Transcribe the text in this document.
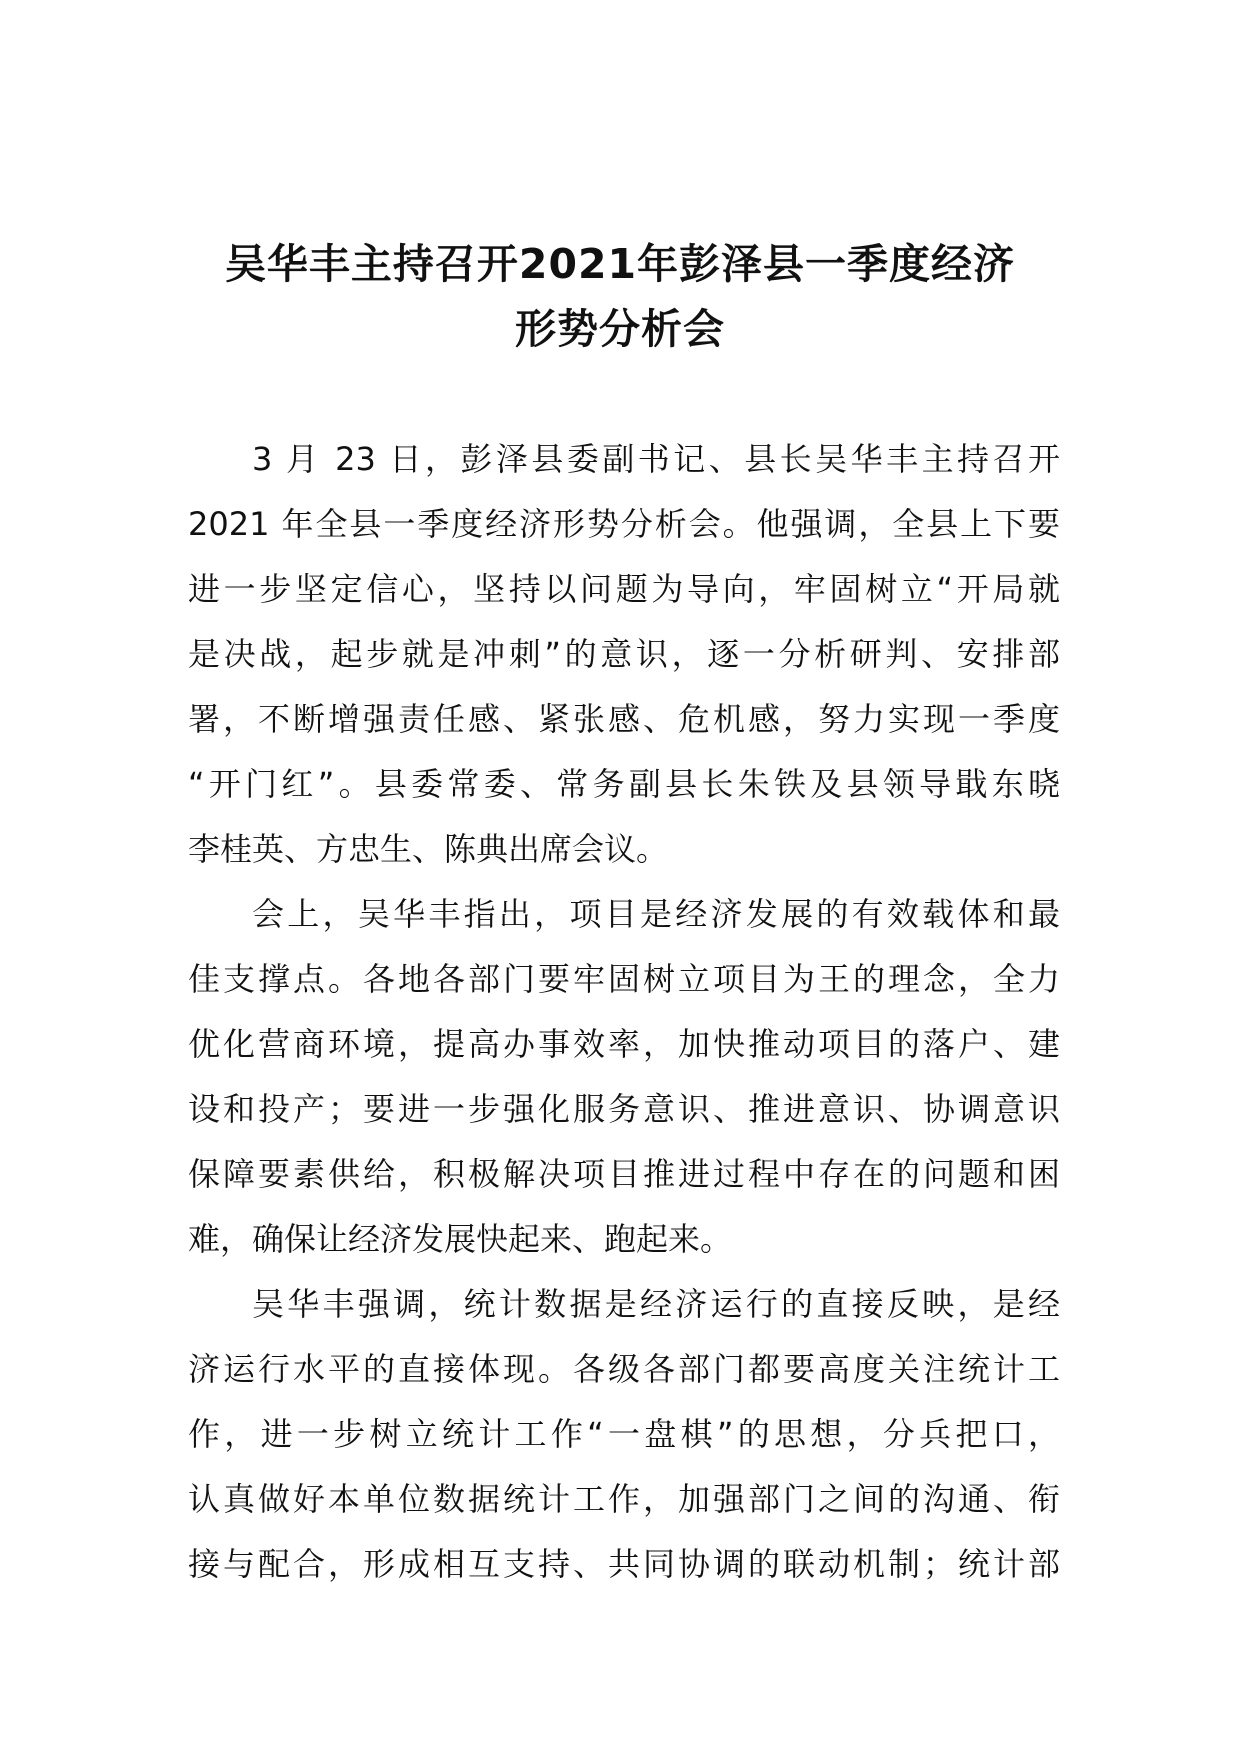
吴华丰主持召开2021年彭泽县一季度经济
形势分析会

3 月 23 日，彭泽县委副书记、县长吴华丰主持召开
2021 年全县一季度经济形势分析会。他强调，全县上下要
进一步坚定信心，坚持以问题为导向，牢固树立“开局就
是决战，起步就是冲刺”的意识，逐一分析研判、安排部
署，不断增强责任感、紧张感、危机感，努力实现一季度
“开门红”。县委常委、常务副县长朱铁及县领导戢东晓
李桂英、方忠生、陈典出席会议。

会上，吴华丰指出，项目是经济发展的有效载体和最
佳支撑点。各地各部门要牢固树立项目为王的理念，全力
优化营商环境，提高办事效率，加快推动项目的落户、建
设和投产；要进一步强化服务意识、推进意识、协调意识
保障要素供给，积极解决项目推进过程中存在的问题和困
难，确保让经济发展快起来、跑起来。

吴华丰强调，统计数据是经济运行的直接反映，是经
济运行水平的直接体现。各级各部门都要高度关注统计工
作，进一步树立统计工作“一盘棋”的思想，分兵把口，
认真做好本单位数据统计工作，加强部门之间的沟通、衔
接与配合，形成相互支持、共同协调的联动机制；统计部
